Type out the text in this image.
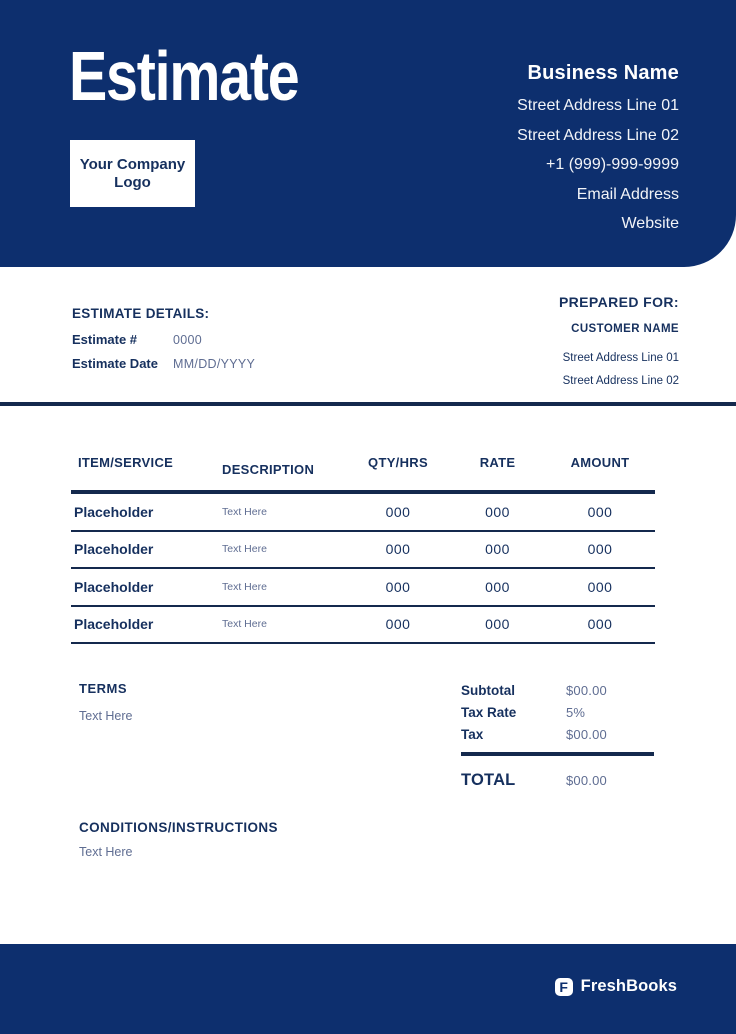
Estimate
Your Company
Logo
Business Name
Street Address Line 01
Street Address Line 02
+1 (999)-999-9999
Email Address
Website
ESTIMATE DETAILS:
Estimate #	0000
Estimate Date	MM/DD/YYYY
PREPARED FOR:
CUSTOMER NAME
Street Address Line 01
Street Address Line 02
ITEM/SERVICE	DESCRIPTION	QTY/HRS	RATE	AMOUNT
Placeholder	Text Here	000	000	000
Placeholder	Text Here	000	000	000
Placeholder	Text Here	000	000	000
Placeholder	Text Here	000	000	000
TERMS
Text Here
Subtotal	$00.00
Tax Rate	5%
Tax	$00.00
TOTAL	$00.00
CONDITIONS/INSTRUCTIONS
Text Here
F FreshBooks
